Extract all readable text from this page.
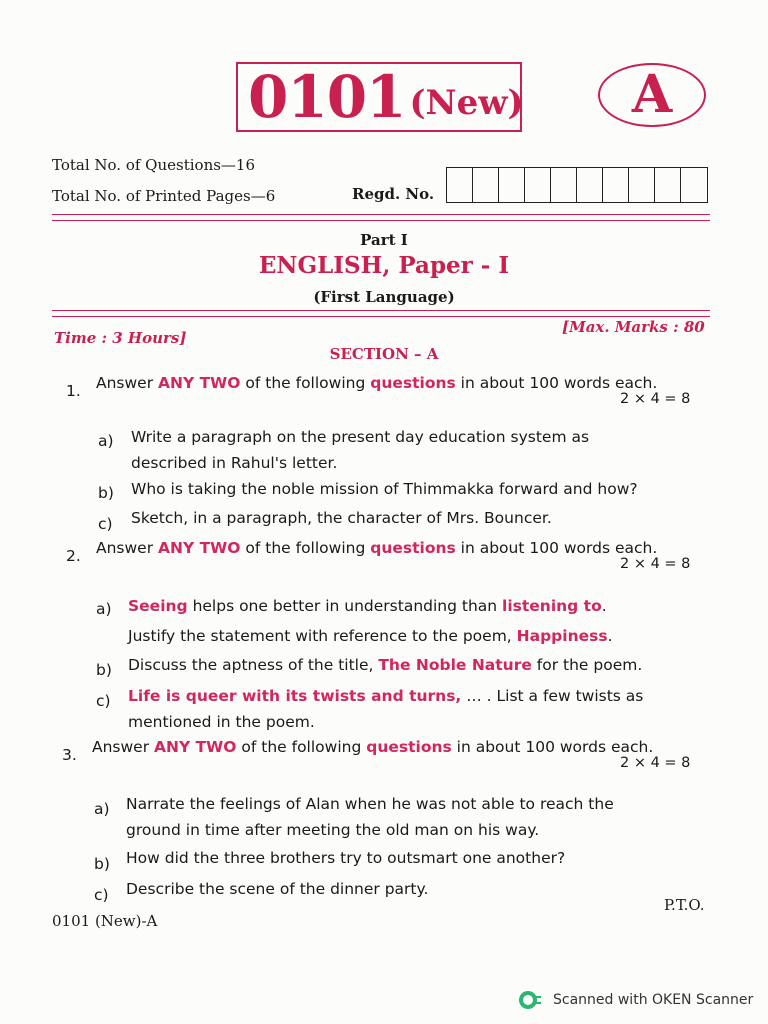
0101 (New) A
Total No. of Questions—16
Total No. of Printed Pages—6	Regd. No.
Part I
ENGLISH, Paper - I
(First Language)
Time : 3 Hours]
[Max. Marks : 80
SECTION – A
1. Answer ANY TWO of the following questions in about 100 words each.
2 × 4 = 8
a) Write a paragraph on the present day education system as
described in Rahul's letter.
b) Who is taking the noble mission of Thimmakka forward and how?
c) Sketch, in a paragraph, the character of Mrs. Bouncer.
2. Answer ANY TWO of the following questions in about 100 words each.
2 × 4 = 8
a) Seeing helps one better in understanding than listening to.
Justify the statement with reference to the poem, Happiness.
b) Discuss the aptness of the title, The Noble Nature for the poem.
c) Life is queer with its twists and turns, … . List a few twists as
mentioned in the poem.
3. Answer ANY TWO of the following questions in about 100 words each.
2 × 4 = 8
a) Narrate the feelings of Alan when he was not able to reach the
ground in time after meeting the old man on his way.
b) How did the three brothers try to outsmart one another?
c) Describe the scene of the dinner party.
P.T.O.
0101 (New)-A
Scanned with OKEN Scanner
